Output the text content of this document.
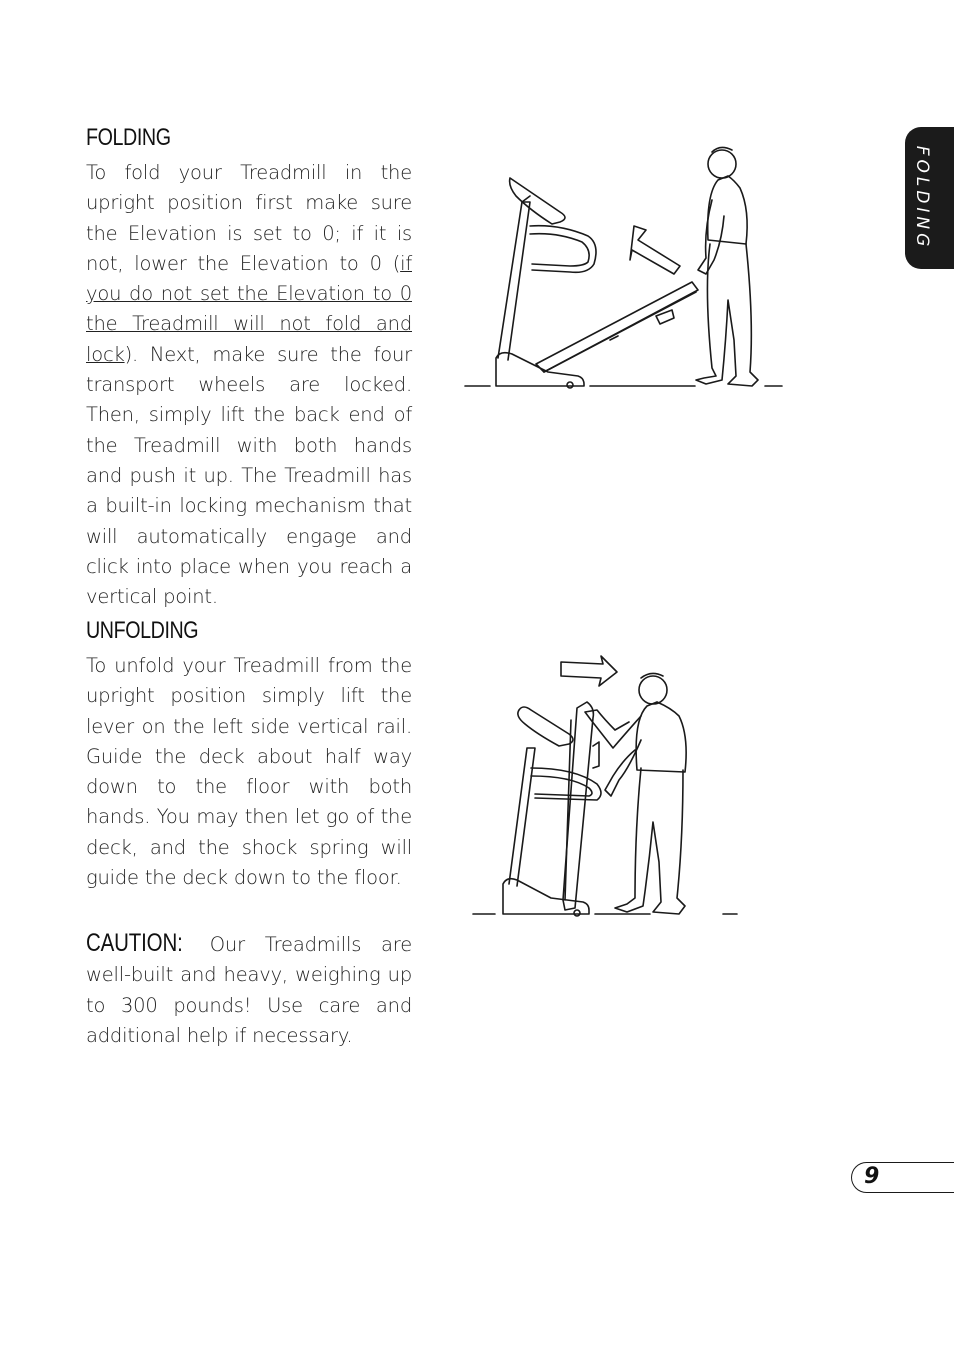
FOLDING

To fold your Treadmill in the upright position first make sure the Elevation is set to 0; if it is not, lower the Elevation to 0 (if you do not set the Elevation to 0 the Treadmill will not fold and lock). Next, make sure the four transport wheels are locked. Then, simply lift the back end of the Treadmill with both hands and push it up. The Treadmill has a built-in locking mechanism that will automatically engage and click into place when you reach a vertical point.

UNFOLDING

To unfold your Treadmill from the upright position simply lift the lever on the left side vertical rail. Guide the deck about half way down to the floor with both hands. You may then let go of the deck, and the shock spring will guide the deck down to the floor.

CAUTION: Our Treadmills are well-built and heavy, weighing up to 300 pounds! Use care and additional help if necessary.

FOLDING
9
